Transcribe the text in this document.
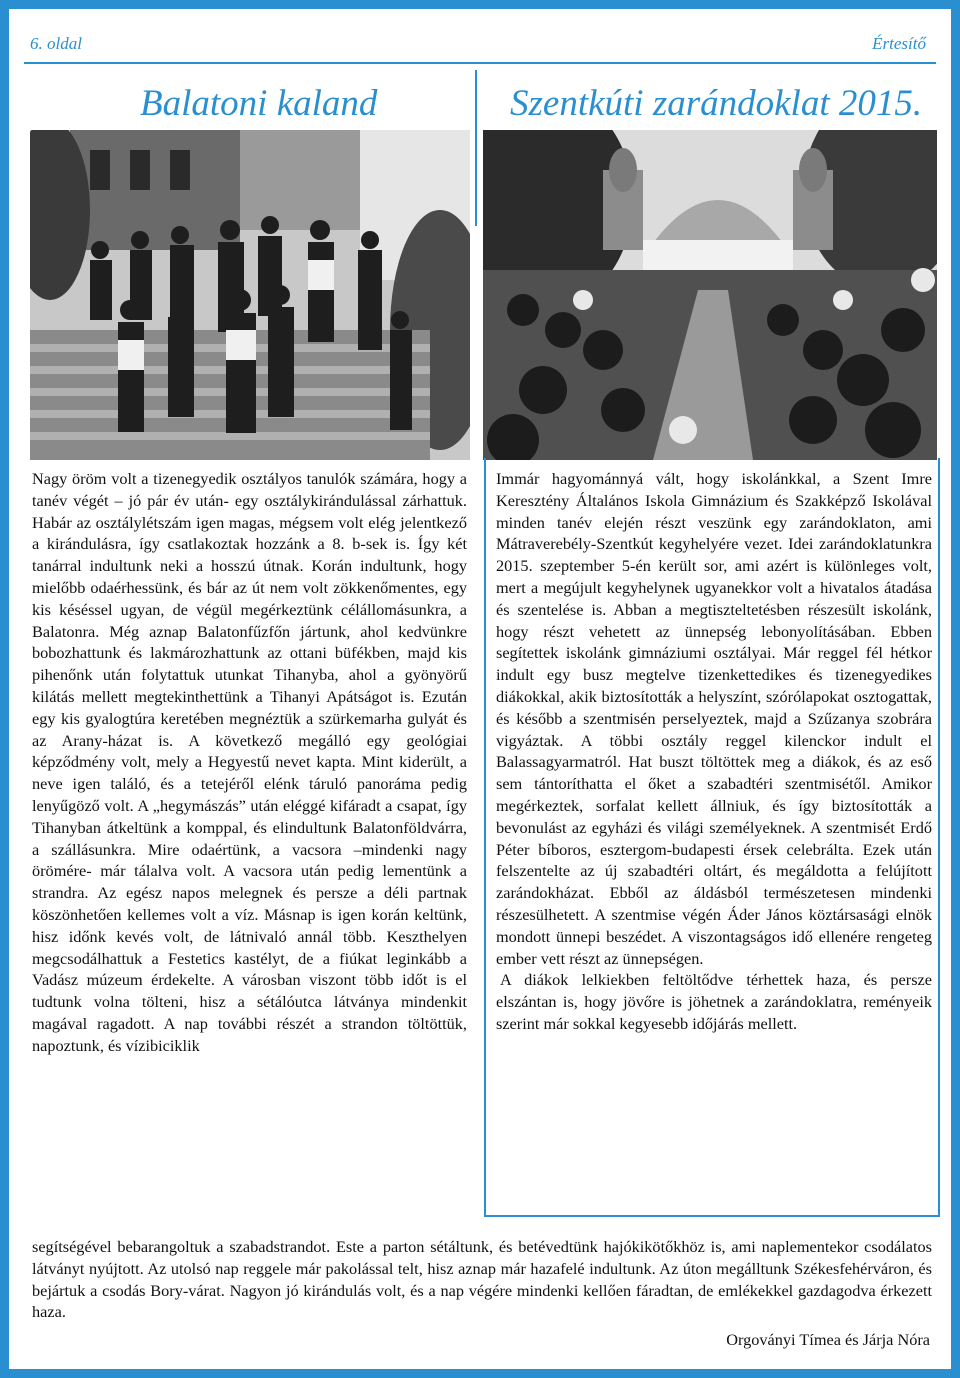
6. oldal	Értesítő
Balatoni kaland	Szentkúti zarándoklat 2015.

Nagy öröm volt a tizenegyedik osztályos tanulók számára, hogy a tanév végét – jó pár év után- egy osztálykirándulással zárhattuk. Habár az osztálylétszám igen magas, mégsem volt elég jelentkező a kirándulásra, így csatlakoztak hozzánk a 8. b-sek is. Így két tanárral indultunk neki a hosszú útnak. Korán indultunk, hogy mielőbb odaérhessünk, és bár az út nem volt zökkenőmentes, egy kis késéssel ugyan, de végül megérkeztünk célállomásunkra, a Balatonra. Még aznap Balatonfűzfőn jártunk, ahol kedvünkre bobozhattunk és lakmározhattunk az ottani büfékben, majd kis pihenőnk után folytattuk utunkat Tihanyba, ahol a gyönyörű kilátás mellett megtekinthettünk a Tihanyi Apátságot is. Ezután egy kis gyalogtúra keretében megnéztük a szürkemarha gulyát és az Arany-házat is. A következő megálló egy geológiai képződmény volt, mely a Hegyestű nevet kapta. Mint kiderült, a neve igen találó, és a tetejéről elénk táruló panoráma pedig lenyűgöző volt. A „hegymászás” után eléggé kifáradt a csapat, így Tihanyban átkeltünk a komppal, és elindultunk Balatonföldvárra, a szállásunkra. Mire odaértünk, a vacsora –mindenki nagy örömére- már tálalva volt. A vacsora után pedig lementünk a strandra. Az egész napos melegnek és persze a déli partnak köszönhetően kellemes volt a víz. Másnap is igen korán keltünk, hisz időnk kevés volt, de látnivaló annál több. Keszthelyen megcsodálhattuk a Festetics kastélyt, de a fiúkat leginkább a Vadász múzeum érdekelte. A városban viszont több időt is el tudtunk volna tölteni, hisz a sétálóutca látványa mindenkit magával ragadott. A nap további részét a strandon töltöttük, napoztunk, és vízibiciklik

Immár hagyománnyá vált, hogy iskolánkkal, a Szent Imre Keresztény Általános Iskola Gimnázium és Szakképző Iskolával minden tanév elején részt veszünk egy zarándoklaton, ami Mátraverebély-Szentkút kegyhelyére vezet. Idei zarándoklatunkra 2015. szeptember 5-én került sor, ami azért is különleges volt, mert a megújult kegyhelynek ugyanekkor volt a hivatalos átadása és szentelése is. Abban a megtiszteltetésben részesült iskolánk, hogy részt vehetett az ünnepség lebonyolításában. Ebben segítettek iskolánk gimnáziumi osztályai. Már reggel fél hétkor indult egy busz megtelve tizenkettedikes és tizenegyedikes diákokkal, akik biztosították a helyszínt, szórólapokat osztogattak, és később a szentmisén perselyeztek, majd a Szűzanya szobrára vigyáztak. A többi osztály reggel kilenckor indult el Balassagyarmatról. Hat buszt töltöttek meg a diákok, és az eső sem tántoríthatta el őket a szabadtéri szentmisétől. Amikor megérkeztek, sorfalat kellett állniuk, és így biztosították a bevonulást az egyházi és világi személyeknek. A szentmisét Erdő Péter bíboros, esztergom-budapesti érsek celebrálta. Ezek után felszentelte az új szabadtéri oltárt, és megáldotta a felújított zarándokházat. Ebből az áldásból természetesen mindenki részesülhetett. A szentmise végén Áder János köztársasági elnök mondott ünnepi beszédet. A viszontagságos idő ellenére rengeteg ember vett részt az ünnepségen.

A diákok lelkiekben feltöltődve térhettek haza, és persze elszántan is, hogy jövőre is jöhetnek a zarándoklatra, reményeik szerint már sokkal kegyesebb időjárás mellett.

segítségével bebarangoltuk a szabadstrandot. Este a parton sétáltunk, és betévedtünk hajókikötőkhöz is, ami naplementekor csodálatos látványt nyújtott. Az utolsó nap reggele már pakolással telt, hisz aznap már hazafelé indultunk. Az úton megálltunk Székesfehérváron, és bejártuk a csodás Bory-várat. Nagyon jó kirándulás volt, és a nap végére mindenki kellően fáradtan, de emlékekkel gazdagodva érkezett haza.

Orgoványi Tímea és Járja Nóra
